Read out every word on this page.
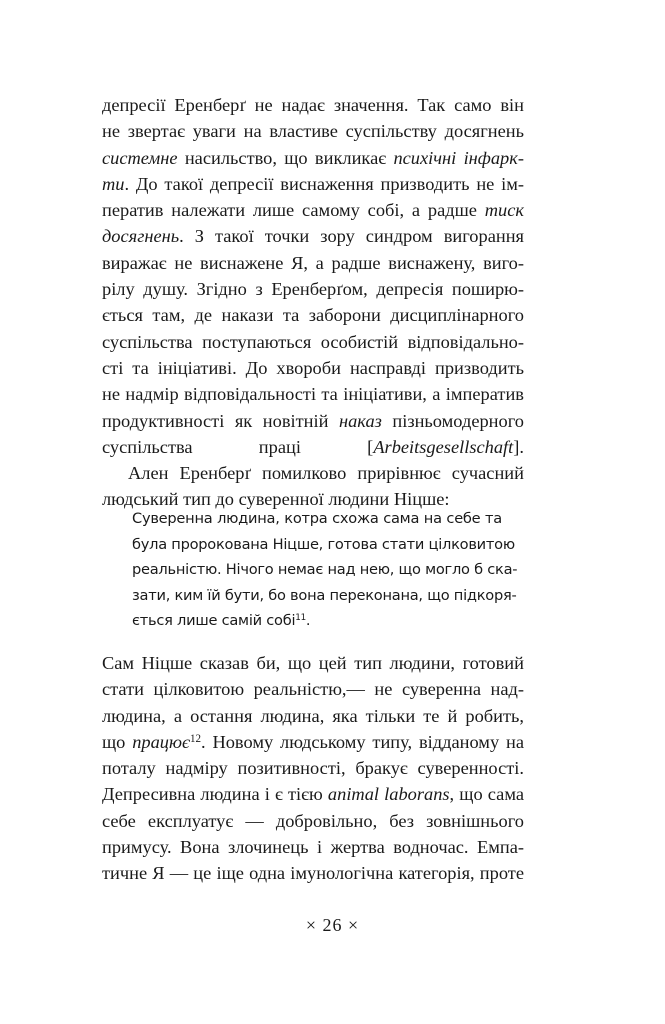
депресії Еренберґ не надає значення. Так само він
не звертає уваги на властиве суспільству досягнень
системне насильство, що викликає психічні інфарк-
ти. До такої депресії виснаження призводить не ім-
ператив належати лише самому собі, а радше тиск
досягнень. З такої точки зору синдром вигорання
виражає не виснажене Я, а радше виснажену, виго-
рілу душу. Згідно з Еренберґом, депресія поширю-
ється там, де накази та заборони дисциплінарного
суспільства поступаються особистій відповідально-
сті та ініціативі. До хвороби насправді призводить
не надмір відповідальності та ініціативи, а імператив
продуктивності як новітній наказ пізньомодерного
суспільства праці [Arbeitsgesellschaft].
Ален Еренберґ помилково прирівнює сучасний
людський тип до суверенної людини Ніцше:
Суверенна людина, котра схожа сама на себе та
була пророкована Ніцше, готова стати цілковитою
реальністю. Нічого немає над нею, що могло б ска-
зати, ким їй бути, бо вона переконана, що підкоря-
ється лише самій собі$^{11}$.
Сам Ніцше сказав би, що цей тип людини, готовий
стати цілковитою реальністю,— не суверенна над-
людина, а остання людина, яка тільки те й робить,
що працює$^{12}$. Новому людському типу, відданому на
поталу надміру позитивності, бракує суверенності.
Депресивна людина і є тією animal laborans, що сама
себе експлуатує — добровільно, без зовнішнього
примусу. Вона злочинець і жертва водночас. Емпа-
тичне Я — це іще одна імунологічна категорія, проте
× 26 ×
